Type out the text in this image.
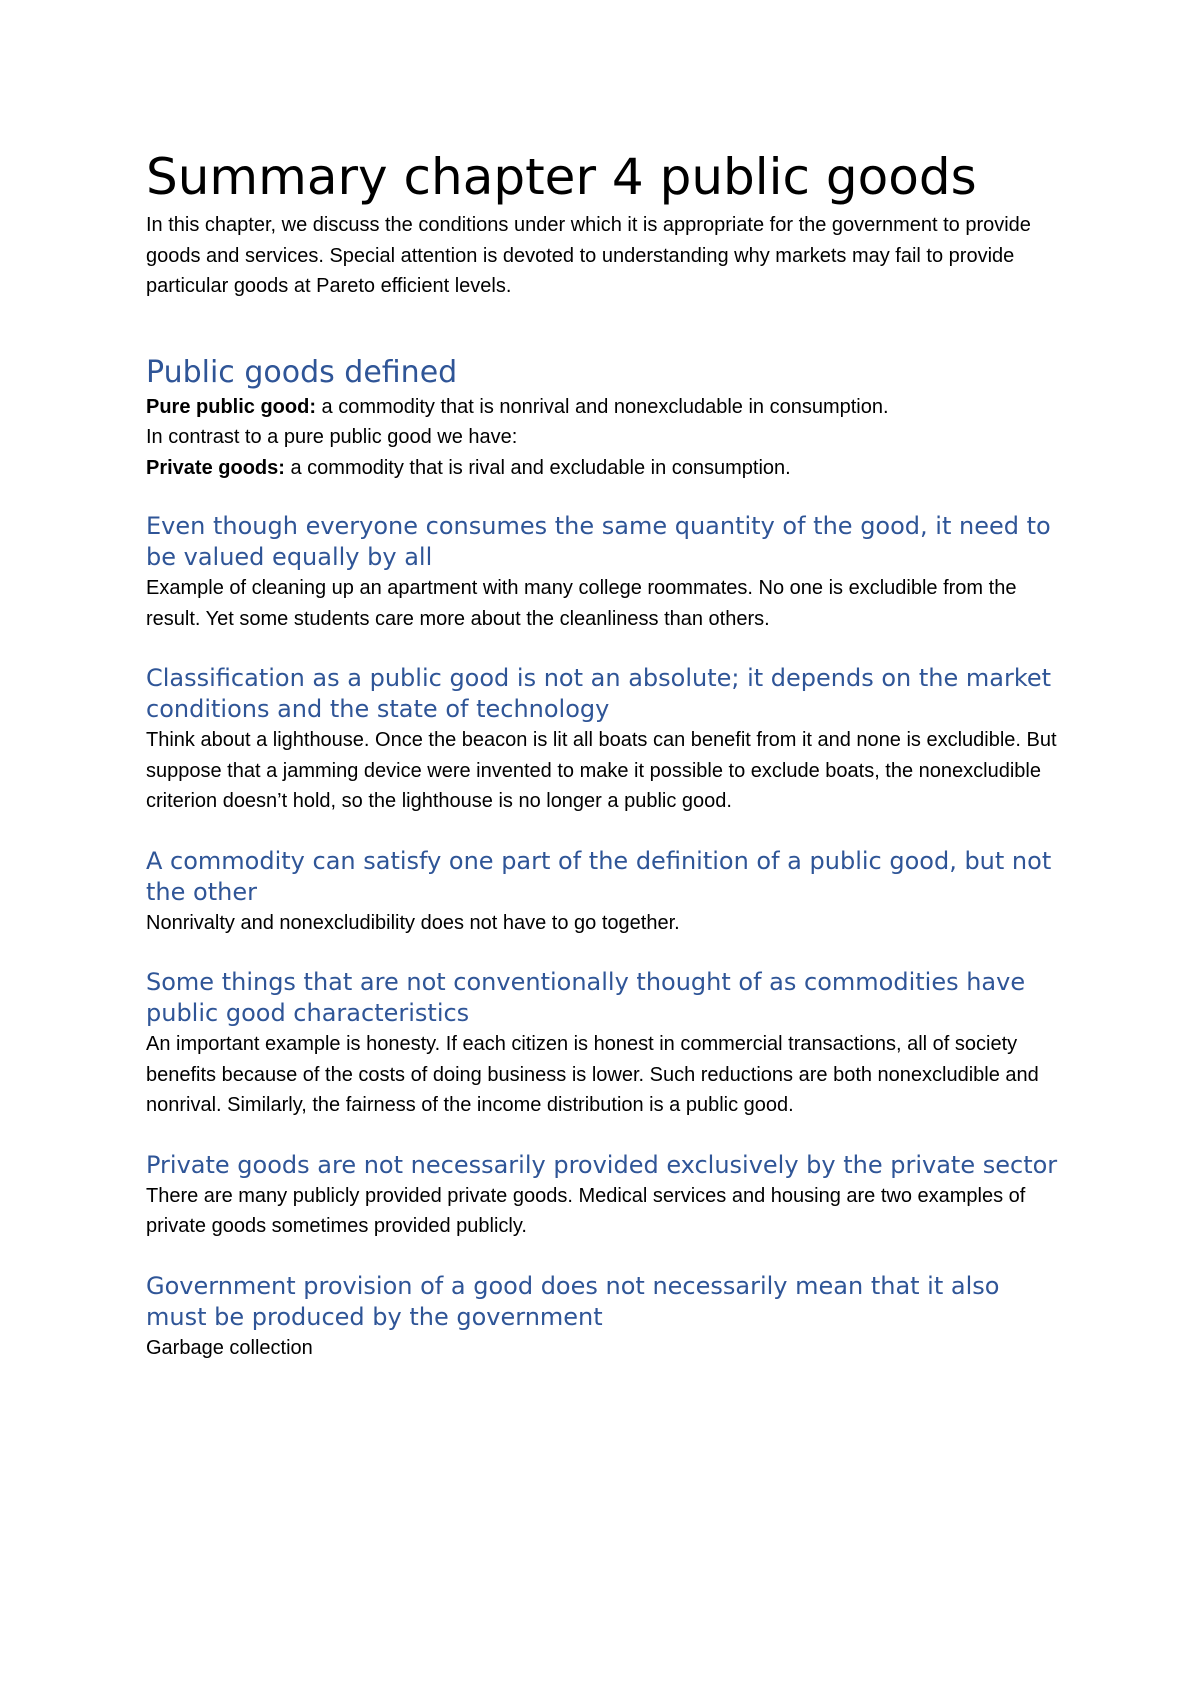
Summary chapter 4 public goods

In this chapter, we discuss the conditions under which it is appropriate for the government to provide goods and services. Special attention is devoted to understanding why markets may fail to provide particular goods at Pareto efficient levels.

Public goods defined

Pure public good: a commodity that is nonrival and nonexcludable in consumption.

In contrast to a pure public good we have:

Private goods: a commodity that is rival and excludable in consumption.

Even though everyone consumes the same quantity of the good, it need to be valued equally by all

Example of cleaning up an apartment with many college roommates. No one is excludible from the result. Yet some students care more about the cleanliness than others.

Classification as a public good is not an absolute; it depends on the market conditions and the state of technology

Think about a lighthouse. Once the beacon is lit all boats can benefit from it and none is excludible. But suppose that a jamming device were invented to make it possible to exclude boats, the nonexcludible criterion doesn’t hold, so the lighthouse is no longer a public good.

A commodity can satisfy one part of the definition of a public good, but not the other

Nonrivalty and nonexcludibility does not have to go together.

Some things that are not conventionally thought of as commodities have public good characteristics

An important example is honesty. If each citizen is honest in commercial transactions, all of society benefits because of the costs of doing business is lower. Such reductions are both nonexcludible and nonrival. Similarly, the fairness of the income distribution is a public good.

Private goods are not necessarily provided exclusively by the private sector

There are many publicly provided private goods. Medical services and housing are two examples of private goods sometimes provided publicly.

Government provision of a good does not necessarily mean that it also must be produced by the government

Garbage collection
